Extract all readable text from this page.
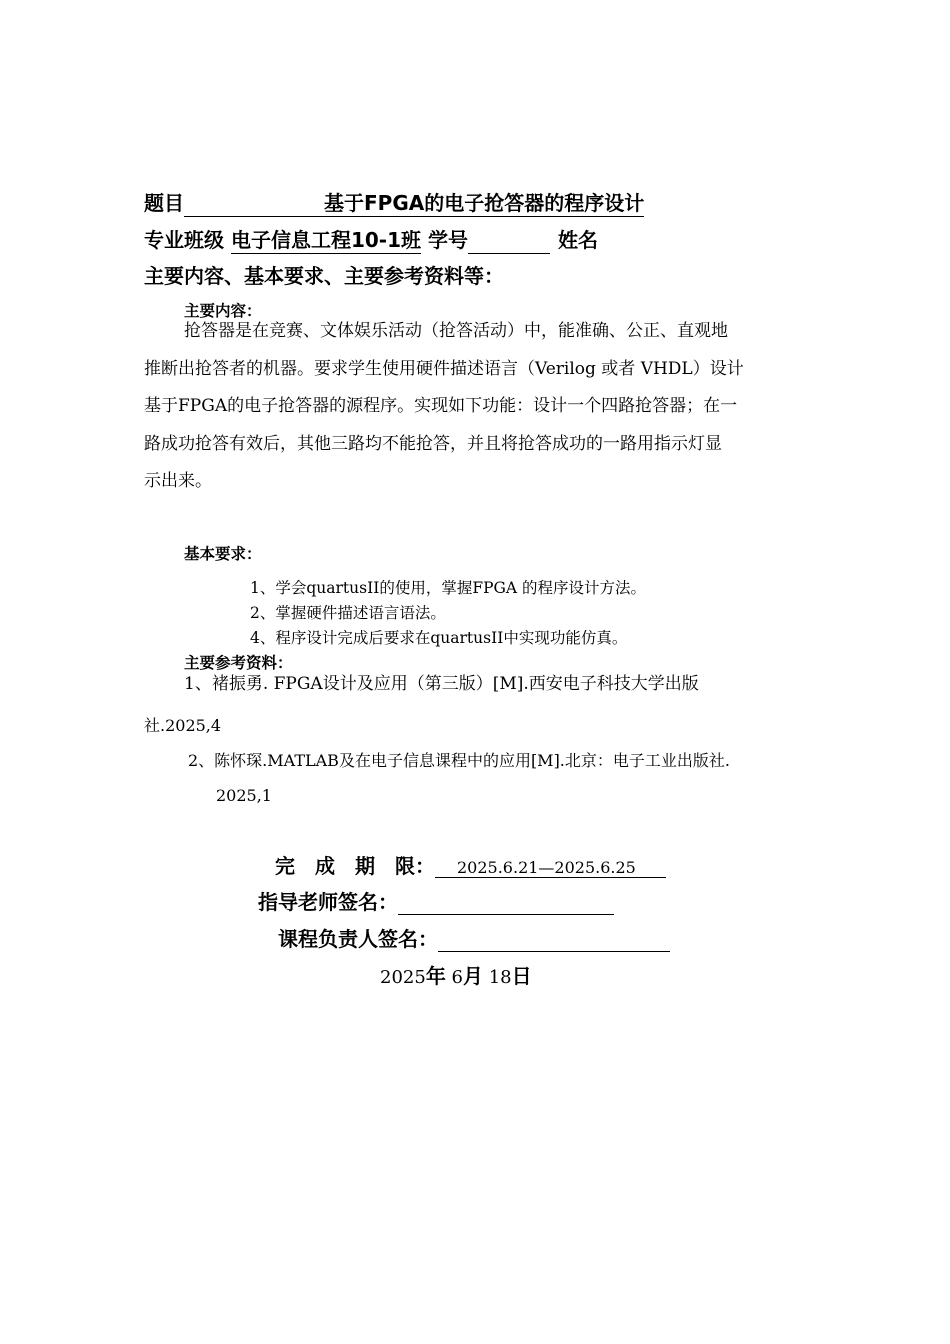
题目	基于FPGA的电子抢答器的程序设计
专业班级 电子信息工程10-1班 学号	姓名
主要内容、基本要求、主要参考资料等：
主要内容：
抢答器是在竞赛、文体娱乐活动（抢答活动）中，能准确、公正、直观地
推断出抢答者的机器。要求学生使用硬件描述语言（Verilog 或者 VHDL）设计
基于FPGA的电子抢答器的源程序。实现如下功能：设计一个四路抢答器；在一
路成功抢答有效后，其他三路均不能抢答，并且将抢答成功的一路用指示灯显
示出来。
基本要求：
1、学会quartusII的使用，掌握FPGA 的程序设计方法。
2、掌握硬件描述语言语法。
4、程序设计完成后要求在quartusII中实现功能仿真。
主要参考资料：
1、褚振勇. FPGA设计及应用（第三版）[M].西安电子科技大学出版
社.2025,4
2、陈怀琛.MATLAB及在电子信息课程中的应用[M].北京：电子工业出版社.
2025,1
完　成　期　限： 2025.6.21—2025.6.25
指导老师签名：
课程负责人签名：
2025年 6月 18日
